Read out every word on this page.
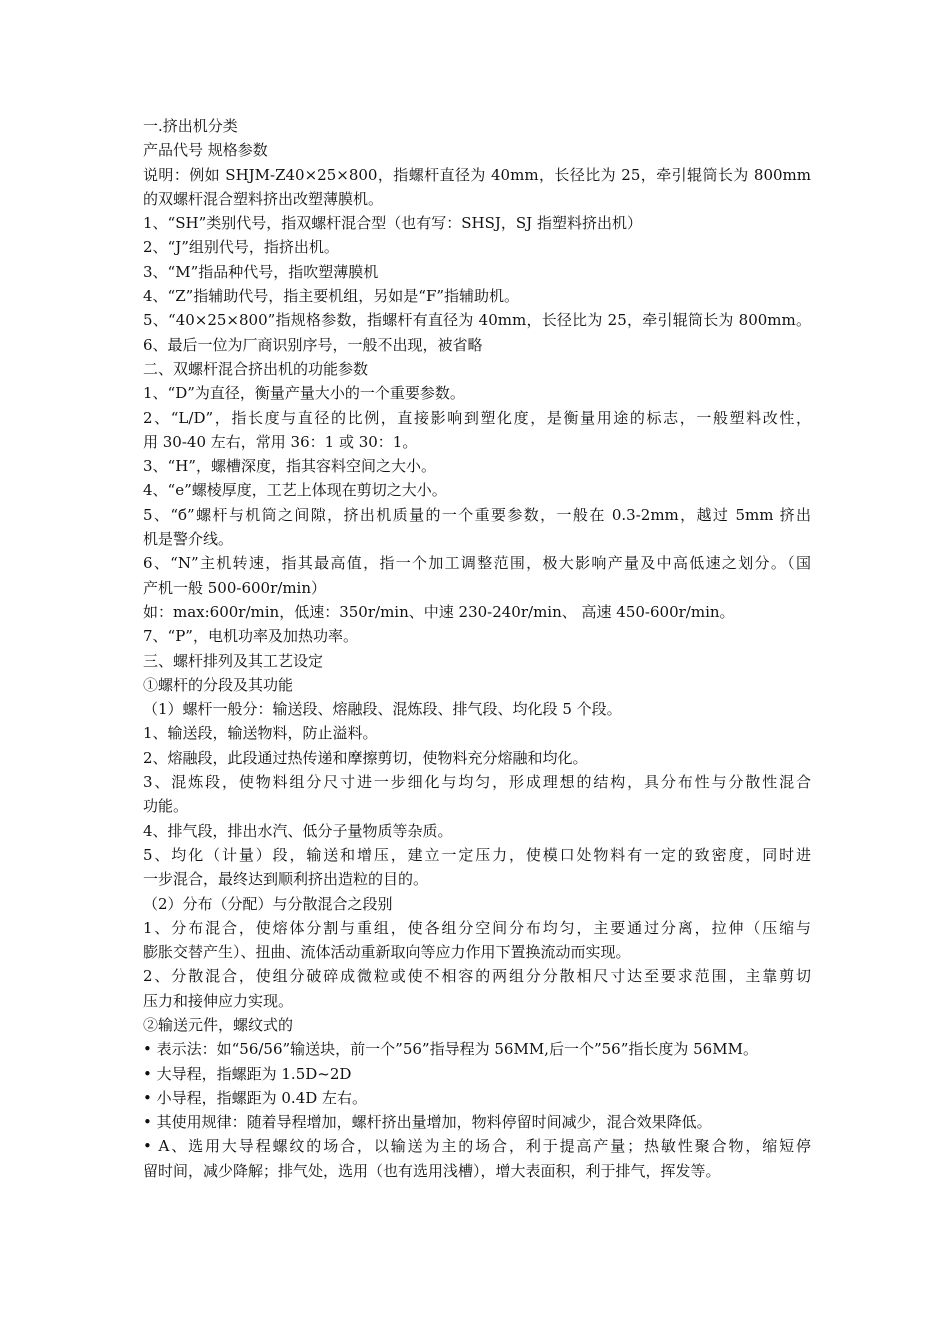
一.挤出机分类
产品代号 规格参数
说明：例如 SHJM-Z40×25×800，指螺杆直径为 40mm，长径比为 25，牵引辊筒长为 800mm
的双螺杆混合塑料挤出改塑薄膜机。
1、“SH”类别代号，指双螺杆混合型（也有写：SHSJ，SJ 指塑料挤出机）
2、“J”组别代号，指挤出机。
3、“M”指品种代号，指吹塑薄膜机
4、“Z”指辅助代号，指主要机组，另如是“F”指辅助机。
5、“40×25×800”指规格参数，指螺杆有直径为 40mm，长径比为 25，牵引辊筒长为 800mm。
6、最后一位为厂商识别序号，一般不出现，被省略
二、双螺杆混合挤出机的功能参数
1、“D”为直径，衡量产量大小的一个重要参数。
2、“L/D”，指长度与直径的比例，直接影响到塑化度，是衡量用途的标志，一般塑料改性，
用 30-40 左右，常用 36：1 或 30：1。
3、“H”，螺槽深度，指其容料空间之大小。
4、“e”螺棱厚度，工艺上体现在剪切之大小。
5、“б”螺杆与机筒之间隙，挤出机质量的一个重要参数，一般在 0.3-2mm，越过 5mm 挤出
机是警介线。
6、“N”主机转速，指其最高值，指一个加工调整范围，极大影响产量及中高低速之划分。（国
产机一般 500-600r/min）
如：max:600r/min，低速：350r/min、中速 230-240r/min、 高速 450-600r/min。
7、“P”，电机功率及加热功率。
三、螺杆排列及其工艺设定
①螺杆的分段及其功能
（1）螺杆一般分：输送段、熔融段、混炼段、排气段、均化段 5 个段。
1、输送段，输送物料，防止溢料。
2、熔融段，此段通过热传递和摩擦剪切，使物料充分熔融和均化。
3、混炼段，使物料组分尺寸进一步细化与均匀，形成理想的结构，具分布性与分散性混合
功能。
4、排气段，排出水汽、低分子量物质等杂质。
5、均化（计量）段，输送和增压，建立一定压力，使模口处物料有一定的致密度，同时进
一步混合，最终达到顺利挤出造粒的目的。
（2）分布（分配）与分散混合之段别
1、分布混合，使熔体分割与重组，使各组分空间分布均匀，主要通过分离，拉伸（压缩与
膨胀交替产生）、扭曲、流体活动重新取向等应力作用下置换流动而实现。
2、分散混合，使组分破碎成微粒或使不相容的两组分分散相尺寸达至要求范围，主靠剪切
压力和接伸应力实现。
②输送元件，螺纹式的
• 表示法：如“56/56”输送块，前一个”56”指导程为 56MM,后一个”56”指长度为 56MM。
• 大导程，指螺距为 1.5D~2D
• 小导程，指螺距为 0.4D 左右。
• 其使用规律：随着导程增加，螺杆挤出量增加，物料停留时间减少，混合效果降低。
• A、选用大导程螺纹的场合，以输送为主的场合，利于提高产量；热敏性聚合物，缩短停
留时间，减少降解；排气处，选用（也有选用浅槽），增大表面积，利于排气，挥发等。
